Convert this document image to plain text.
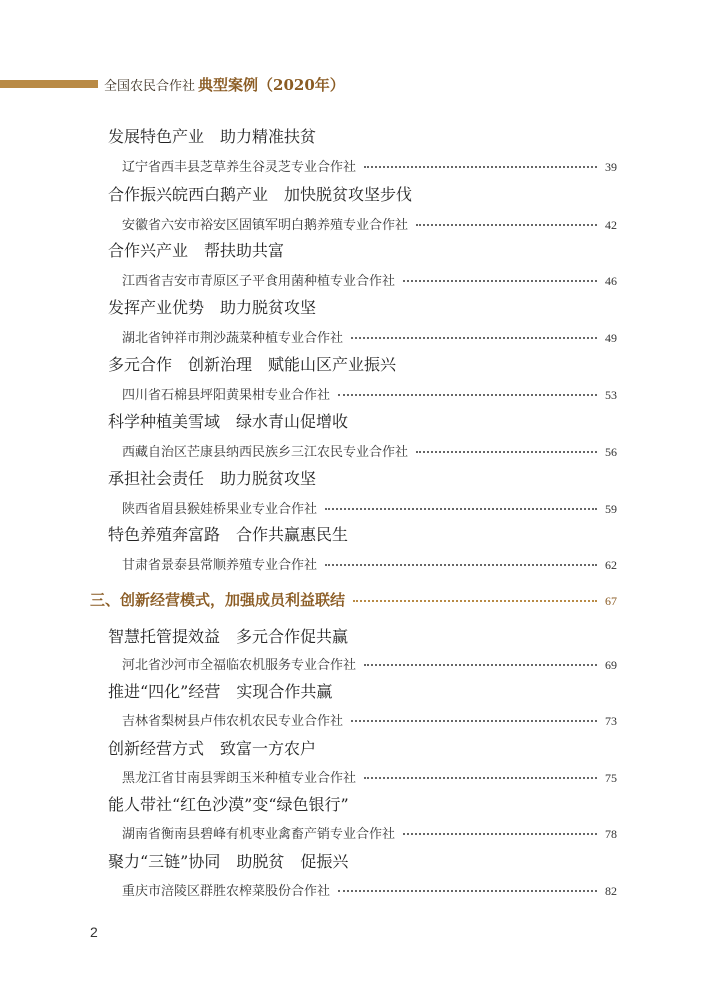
全国农民合作社 典型案例（2020年）
发展特色产业　助力精准扶贫
辽宁省西丰县芝草养生谷灵芝专业合作社	39
合作振兴皖西白鹅产业　加快脱贫攻坚步伐
安徽省六安市裕安区固镇军明白鹅养殖专业合作社	42
合作兴产业　帮扶助共富
江西省吉安市青原区子平食用菌种植专业合作社	46
发挥产业优势　助力脱贫攻坚
湖北省钟祥市荆沙蔬菜种植专业合作社	49
多元合作　创新治理　赋能山区产业振兴
四川省石棉县坪阳黄果柑专业合作社	53
科学种植美雪域　绿水青山促增收
西藏自治区芒康县纳西民族乡三江农民专业合作社	56
承担社会责任　助力脱贫攻坚
陕西省眉县猴娃桥果业专业合作社	59
特色养殖奔富路　合作共赢惠民生
甘肃省景泰县常顺养殖专业合作社	62
三、创新经营模式，加强成员利益联结	67
智慧托管提效益　多元合作促共赢
河北省沙河市全福临农机服务专业合作社	69
推进“四化”经营　实现合作共赢
吉林省梨树县卢伟农机农民专业合作社	73
创新经营方式　致富一方农户
黑龙江省甘南县霁朗玉米种植专业合作社	75
能人带社“红色沙漠”变“绿色银行”
湖南省衡南县碧峰有机枣业禽畜产销专业合作社	78
聚力“三链”协同　助脱贫　促振兴
重庆市涪陵区群胜农榨菜股份合作社	82
2
